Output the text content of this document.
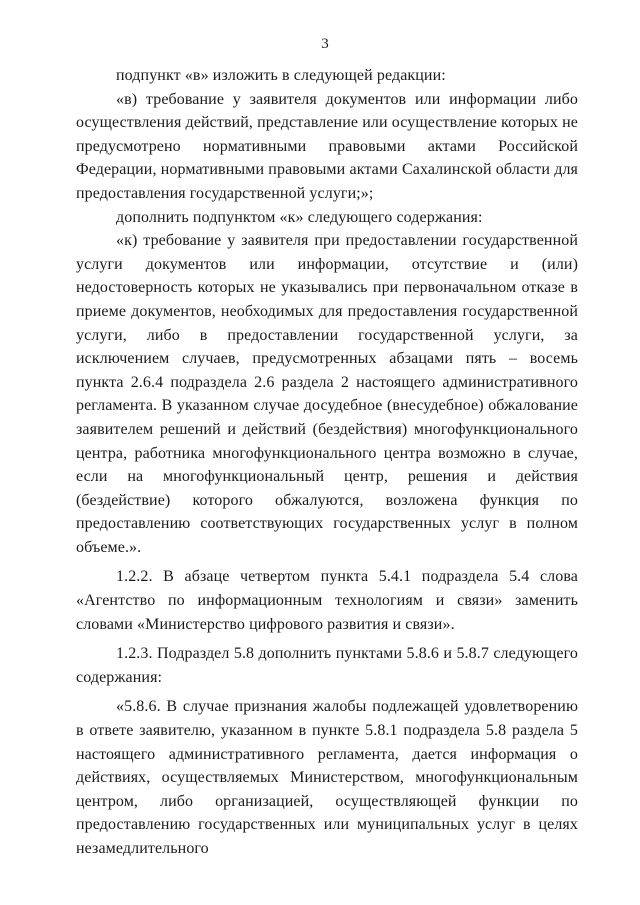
3

подпункт «в» изложить в следующей редакции:

«в) требование у заявителя документов или информации либо осуществления действий, представление или осуществление которых не предусмотрено нормативными правовыми актами Российской Федерации, нормативными правовыми актами Сахалинской области для предоставления государственной услуги;»;

дополнить подпунктом «к» следующего содержания:

«к) требование у заявителя при предоставлении государственной услуги документов или информации, отсутствие и (или) недостоверность которых не указывались при первоначальном отказе в приеме документов, необходимых для предоставления государственной услуги, либо в предоставлении государственной услуги, за исключением случаев, предусмотренных абзацами пять – восемь пункта 2.6.4 подраздела 2.6 раздела 2 настоящего административного регламента. В указанном случае досудебное (внесудебное) обжалование заявителем решений и действий (бездействия) многофункционального центра, работника многофункционального центра возможно в случае, если на многофункциональный центр, решения и действия (бездействие) которого обжалуются, возложена функция по предоставлению соответствующих государственных услуг в полном объеме.».

1.2.2. В абзаце четвертом пункта 5.4.1 подраздела 5.4 слова «Агентство по информационным технологиям и связи» заменить словами «Министерство цифрового развития и связи».

1.2.3. Подраздел 5.8 дополнить пунктами 5.8.6 и 5.8.7 следующего содержания:

«5.8.6. В случае признания жалобы подлежащей удовлетворению в ответе заявителю, указанном в пункте 5.8.1 подраздела 5.8 раздела 5 настоящего административного регламента, дается информация о действиях, осуществляемых Министерством, многофункциональным центром, либо организацией, осуществляющей функции по предоставлению государственных или муниципальных услуг в целях незамедлительного
